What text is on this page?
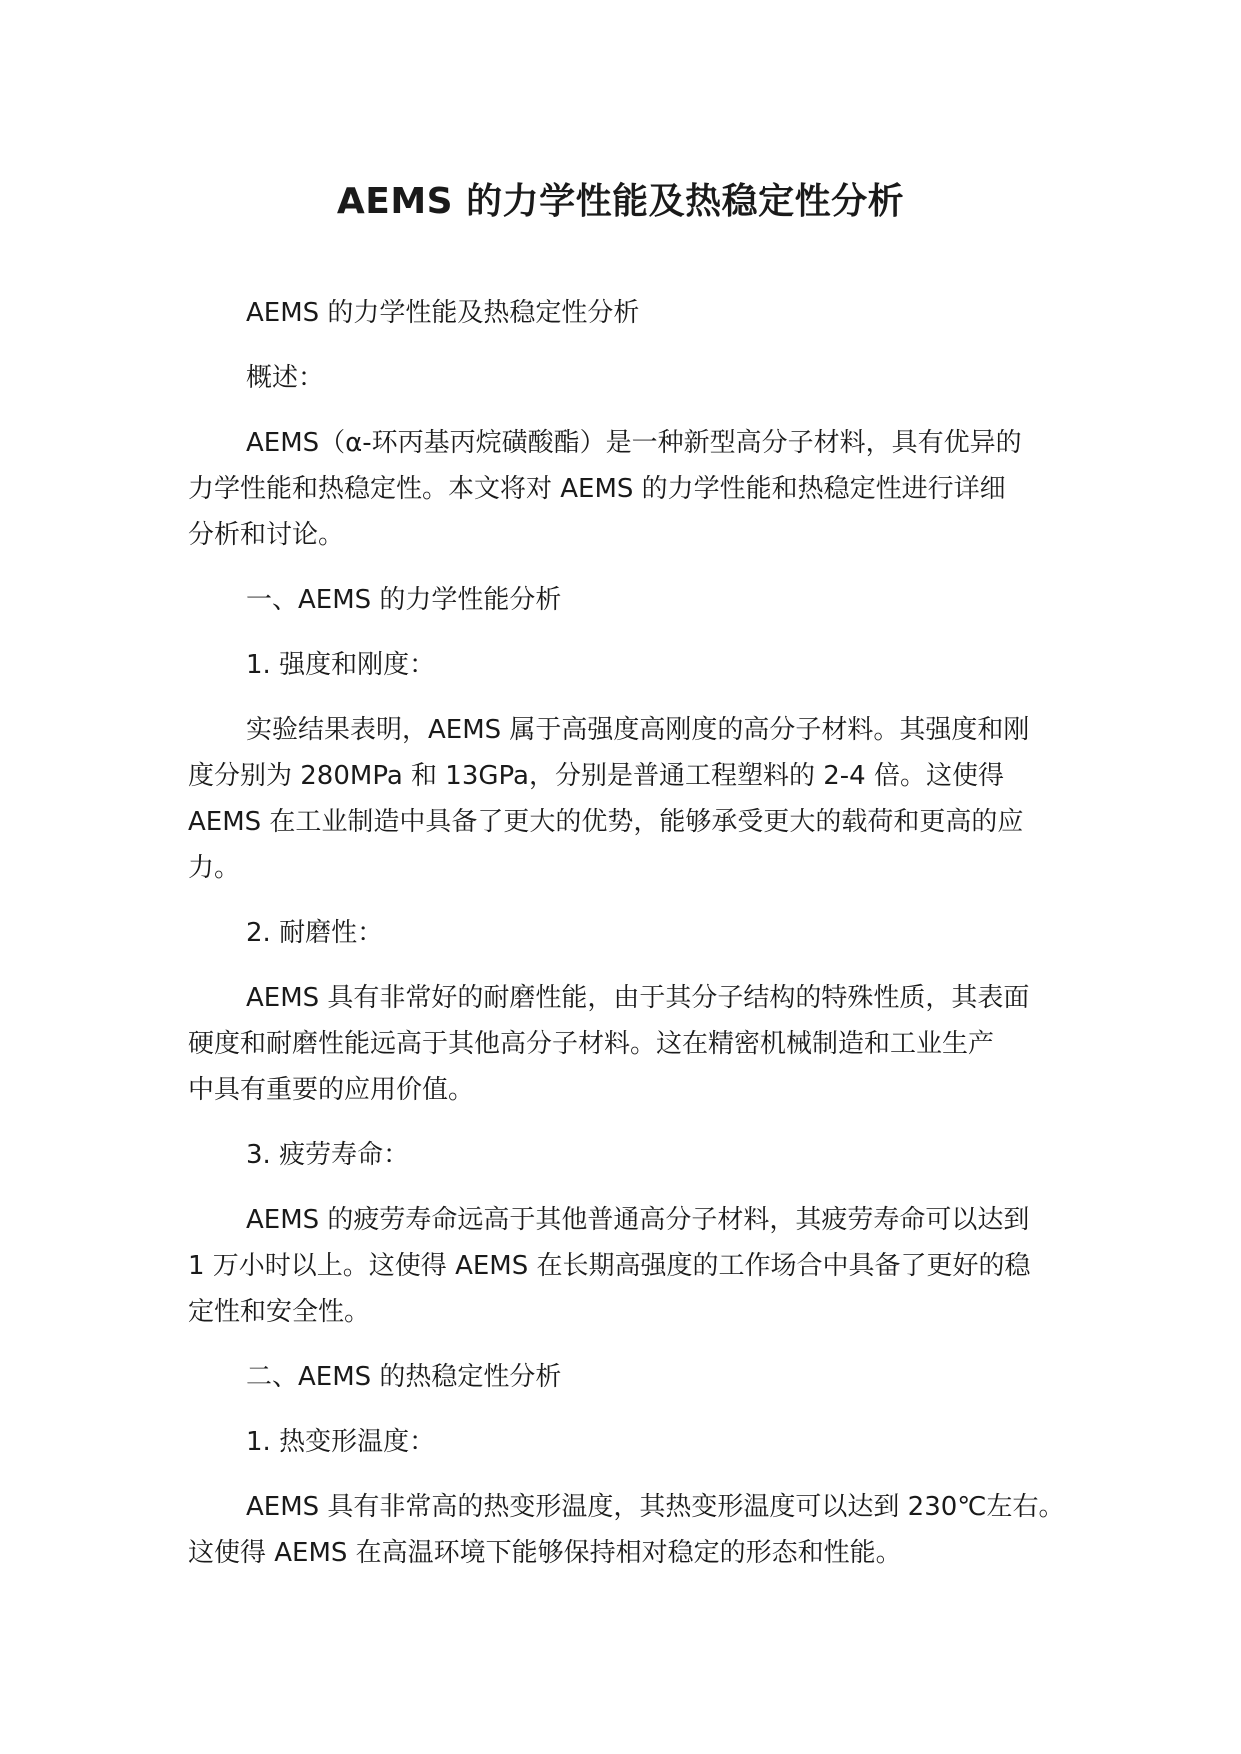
AEMS 的力学性能及热稳定性分析

AEMS 的力学性能及热稳定性分析

概述：

AEMS（α-环丙基丙烷磺酸酯）是一种新型高分子材料，具有优异的
力学性能和热稳定性。本文将对 AEMS 的力学性能和热稳定性进行详细
分析和讨论。

一、AEMS 的力学性能分析

1. 强度和刚度：

实验结果表明，AEMS 属于高强度高刚度的高分子材料。其强度和刚
度分别为 280MPa 和 13GPa，分别是普通工程塑料的 2-4 倍。这使得
AEMS 在工业制造中具备了更大的优势，能够承受更大的载荷和更高的应
力。

2. 耐磨性：

AEMS 具有非常好的耐磨性能，由于其分子结构的特殊性质，其表面
硬度和耐磨性能远高于其他高分子材料。这在精密机械制造和工业生产
中具有重要的应用价值。

3. 疲劳寿命：

AEMS 的疲劳寿命远高于其他普通高分子材料，其疲劳寿命可以达到
1 万小时以上。这使得 AEMS 在长期高强度的工作场合中具备了更好的稳
定性和安全性。

二、AEMS 的热稳定性分析

1. 热变形温度：

AEMS 具有非常高的热变形温度，其热变形温度可以达到 230℃左右。
这使得 AEMS 在高温环境下能够保持相对稳定的形态和性能。
